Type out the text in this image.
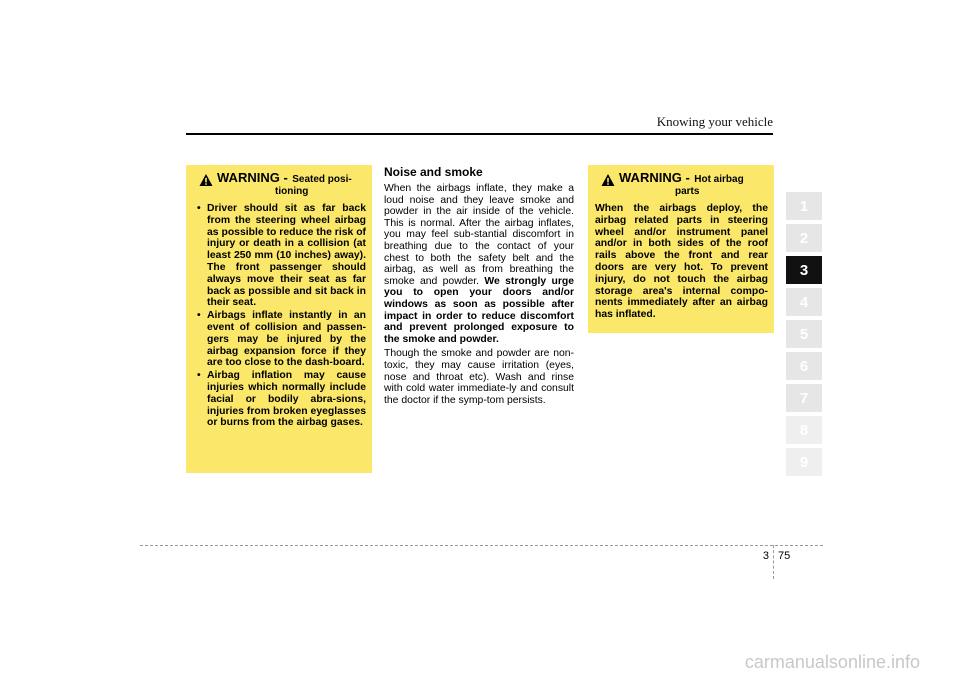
Knowing your vehicle
WARNING - Seated posi-
tioning
• Driver should sit as far back from the steering wheel airbag as possible to reduce the risk of injury or death in a collision (at least 250 mm (10 inches) away). The front passenger should always move their seat as far back as possible and sit back in their seat.
• Airbags inflate instantly in an event of collision and passen-gers may be injured by the airbag expansion force if they are too close to the dash-board.
• Airbag inflation may cause injuries which normally include facial or bodily abra-sions, injuries from broken eyeglasses or burns from the airbag gases.
Noise and smoke

When the airbags inflate, they make a loud noise and they leave smoke and powder in the air inside of the vehicle. This is normal. After the airbag inflates, you may feel sub-stantial discomfort in breathing due to the contact of your chest to both the safety belt and the airbag, as well as from breathing the smoke and powder. We strongly urge you to open your doors and/or windows as soon as possible after impact in order to reduce discomfort and prevent prolonged exposure to the smoke and powder.

Though the smoke and powder are non-toxic, they may cause irritation (eyes, nose and throat etc). Wash and rinse with cold water immediate-ly and consult the doctor if the symp-tom persists.

WARNING - Hot airbag
parts
When the airbags deploy, the airbag related parts in steering wheel and/or instrument panel and/or in both sides of the roof rails above the front and rear doors are very hot. To prevent injury, do not touch the airbag storage area's internal compo-nents immediately after an airbag has inflated.
1
2
3
4
5
6
7
8
9
3 75
carmanualsonline.info
